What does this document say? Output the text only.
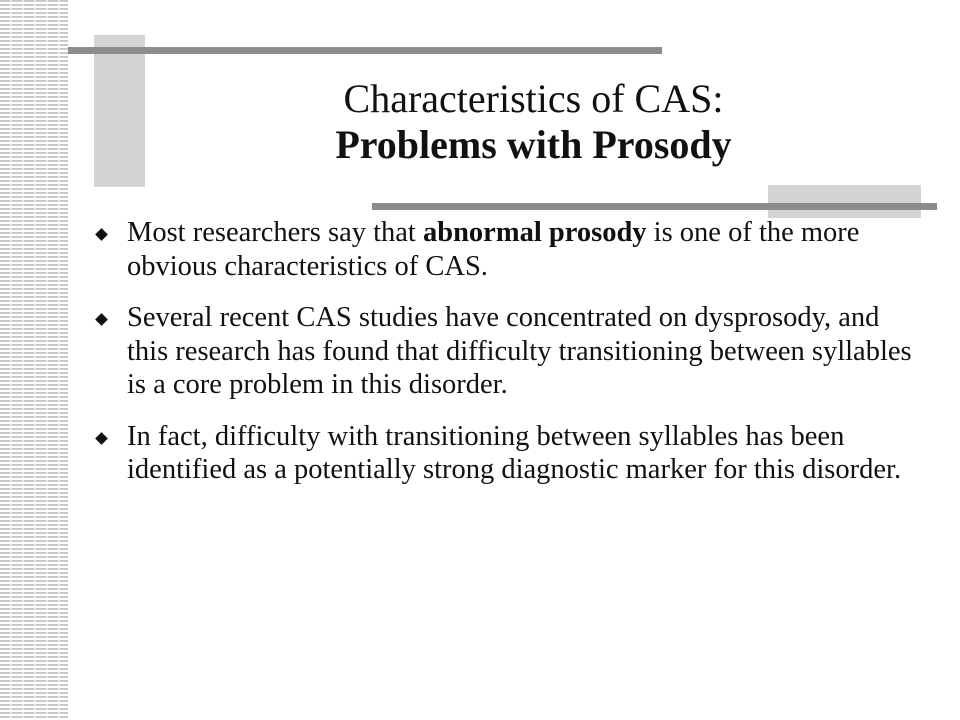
Characteristics of CAS:
Problems with Prosody
Most researchers say that abnormal prosody is one of the more obvious characteristics of CAS.
Several recent CAS studies have concentrated on dysprosody, and this research has found that difficulty transitioning between syllables is a core problem in this disorder.
In fact, difficulty with transitioning between syllables has been identified as a potentially strong diagnostic marker for this disorder.
